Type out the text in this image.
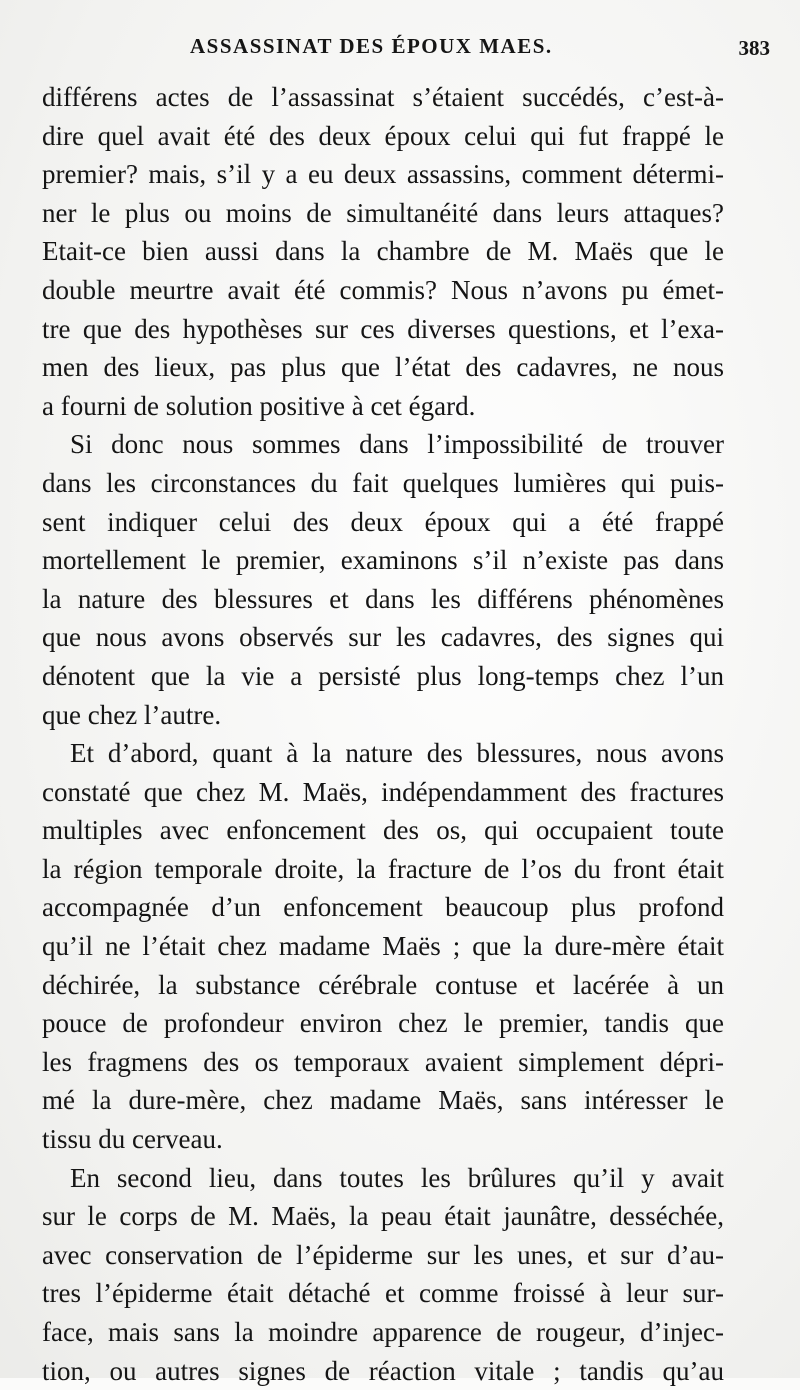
ASSASSINAT DES ÉPOUX MAES.	383
différens actes de l’assassinat s’étaient succédés, c’est-à-
dire quel avait été des deux époux celui qui fut frappé le
premier? mais, s’il y a eu deux assassins, comment détermi-
ner le plus ou moins de simultanéité dans leurs attaques?
Etait-ce bien aussi dans la chambre de M. Maës que le
double meurtre avait été commis? Nous n’avons pu émet-
tre que des hypothèses sur ces diverses questions, et l’exa-
men des lieux, pas plus que l’état des cadavres, ne nous
a fourni de solution positive à cet égard.
Si donc nous sommes dans l’impossibilité de trouver
dans les circonstances du fait quelques lumières qui puis-
sent indiquer celui des deux époux qui a été frappé
mortellement le premier, examinons s’il n’existe pas dans
la nature des blessures et dans les différens phénomènes
que nous avons observés sur les cadavres, des signes qui
dénotent que la vie a persisté plus long-temps chez l’un
que chez l’autre.
Et d’abord, quant à la nature des blessures, nous avons
constaté que chez M. Maës, indépendamment des fractures
multiples avec enfoncement des os, qui occupaient toute
la région temporale droite, la fracture de l’os du front était
accompagnée d’un enfoncement beaucoup plus profond
qu’il ne l’était chez madame Maës ; que la dure-mère était
déchirée, la substance cérébrale contuse et lacérée à un
pouce de profondeur environ chez le premier, tandis que
les fragmens des os temporaux avaient simplement dépri-
mé la dure-mère, chez madame Maës, sans intéresser le
tissu du cerveau.
En second lieu, dans toutes les brûlures qu’il y avait
sur le corps de M. Maës, la peau était jaunâtre, desséchée,
avec conservation de l’épiderme sur les unes, et sur d’au-
tres l’épiderme était détaché et comme froissé à leur sur-
face, mais sans la moindre apparence de rougeur, d’injec-
tion, ou autres signes de réaction vitale ; tandis qu’au
